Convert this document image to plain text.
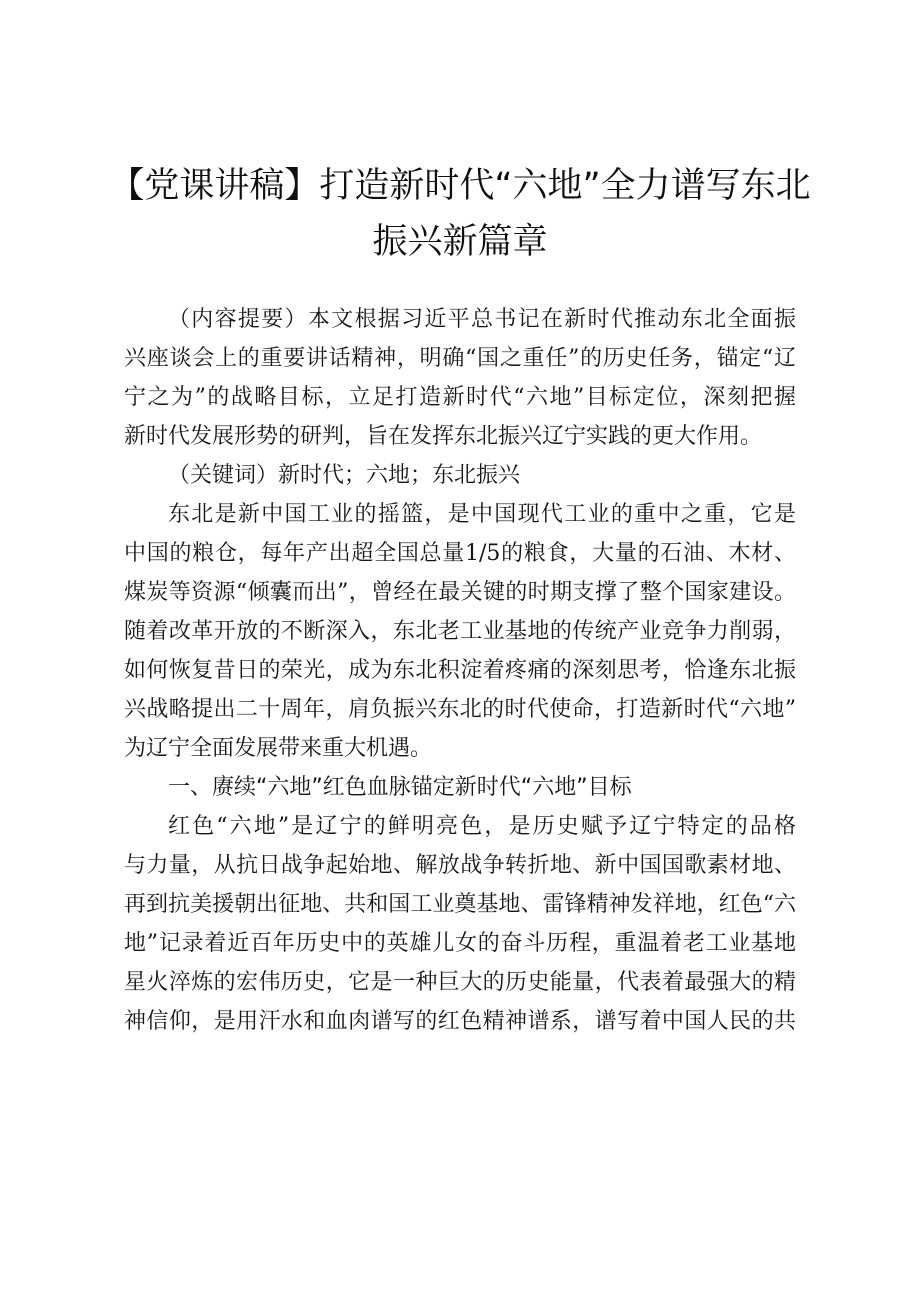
【党课讲稿】打造新时代“六地”全力谱写东北
振兴新篇章
（内容提要）本文根据习近平总书记在新时代推动东北全面振
兴座谈会上的重要讲话精神，明确“国之重任”的历史任务，锚定“辽
宁之为”的战略目标，立足打造新时代“六地”目标定位，深刻把握
新时代发展形势的研判，旨在发挥东北振兴辽宁实践的更大作用。
（关键词）新时代；六地；东北振兴
东北是新中国工业的摇篮，是中国现代工业的重中之重，它是
中国的粮仓，每年产出超全国总量1/5的粮食，大量的石油、木材、
煤炭等资源“倾囊而出”，曾经在最关键的时期支撑了整个国家建设。
随着改革开放的不断深入，东北老工业基地的传统产业竞争力削弱，
如何恢复昔日的荣光，成为东北积淀着疼痛的深刻思考，恰逢东北振
兴战略提出二十周年，肩负振兴东北的时代使命，打造新时代“六地”
为辽宁全面发展带来重大机遇。
一、赓续“六地”红色血脉锚定新时代“六地”目标
红色“六地”是辽宁的鲜明亮色，是历史赋予辽宁特定的品格
与力量，从抗日战争起始地、解放战争转折地、新中国国歌素材地、
再到抗美援朝出征地、共和国工业奠基地、雷锋精神发祥地，红色“六
地”记录着近百年历史中的英雄儿女的奋斗历程，重温着老工业基地
星火淬炼的宏伟历史，它是一种巨大的历史能量，代表着最强大的精
神信仰，是用汗水和血肉谱写的红色精神谱系，谱写着中国人民的共
